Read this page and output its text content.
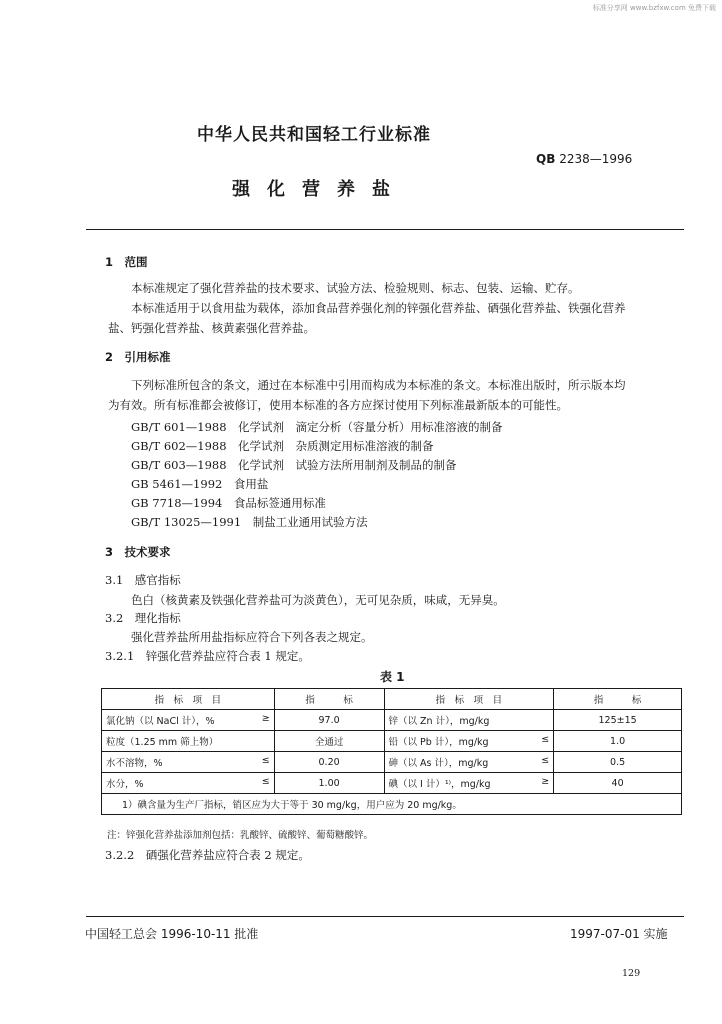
标准分享网 www.bzfxw.com 免费下载
中华人民共和国轻工行业标准
QB 2238—1996
强化营养盐
1　范围
本标准规定了强化营养盐的技术要求、试验方法、检验规则、标志、包装、运输、贮存。
本标准适用于以食用盐为载体，添加食品营养强化剂的锌强化营养盐、硒强化营养盐、铁强化营养
盐、钙强化营养盐、核黄素强化营养盐。
2　引用标准
下列标准所包含的条文，通过在本标准中引用而构成为本标准的条文。本标准出版时，所示版本均
为有效。所有标准都会被修订，使用本标准的各方应探讨使用下列标准最新版本的可能性。
GB/T 601—1988　化学试剂　滴定分析（容量分析）用标准溶液的制备
GB/T 602—1988　化学试剂　杂质测定用标准溶液的制备
GB/T 603—1988　化学试剂　试验方法所用制剂及制品的制备
GB 5461—1992　食用盐
GB 7718—1994　食品标签通用标准
GB/T 13025—1991　制盐工业通用试验方法
3　技术要求
3.1　感官指标
色白（核黄素及铁强化营养盐可为淡黄色），无可见杂质，味咸，无异臭。
3.2　理化指标
强化营养盐所用盐指标应符合下列各表之规定。
3.2.1　锌强化营养盐应符合表 1 规定。
表 1
指　标　项　目	指　　　标	指　标　项　目	指　　　标
氯化钠（以 NaCl 计），% ≥	97.0	锌（以 Zn 计），mg/kg	125±15
粒度（1.25 mm 筛上物）	全通过	铅（以 Pb 计），mg/kg ≤	1.0
水不溶物，% ≤	0.20	砷（以 As 计），mg/kg ≤	0.5
水分，% ≤	1.00	碘（以 I 计）¹⁾，mg/kg ≥	40
1）碘含量为生产厂指标，销区应为大于等于 30 mg/kg，用户应为 20 mg/kg。			
注：锌强化营养盐添加剂包括：乳酸锌、硫酸锌、葡萄糖酸锌。
3.2.2　硒强化营养盐应符合表 2 规定。
中国轻工总会 1996-10-11 批准	1997-07-01 实施
129
